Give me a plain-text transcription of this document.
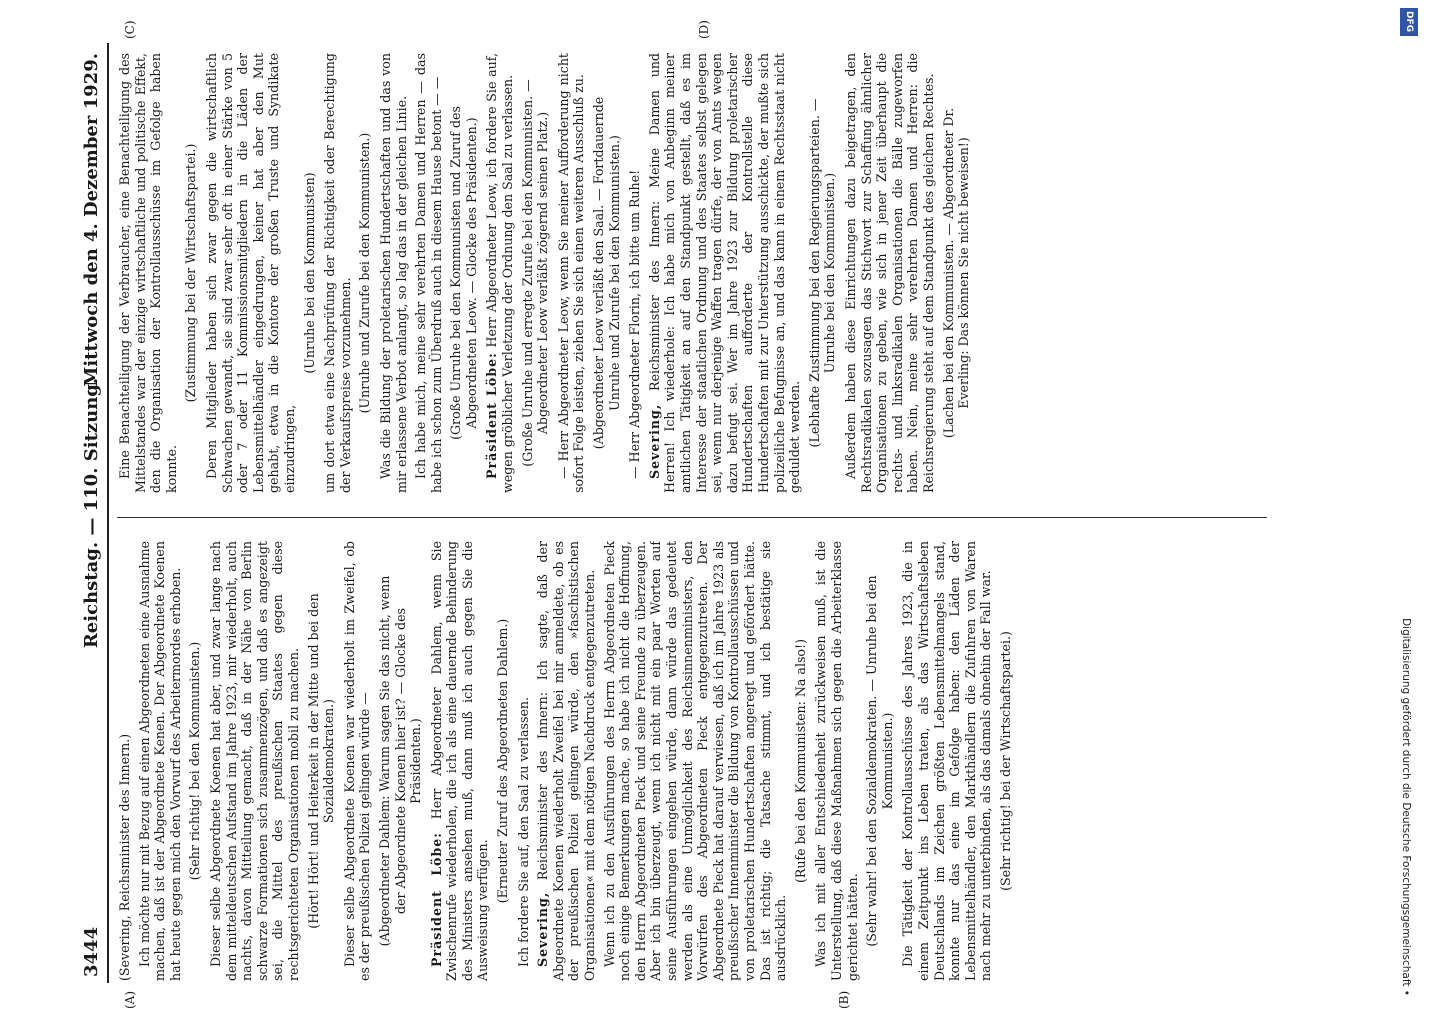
3444
Reichstag. — 110. Sitzung.
Mittwoch den 4. Dezember 1929.
(A)	(B)
(C)	(D)

(Severing, Reichsminister des Innern.) Ich möchte nur mit Bezug auf einen Abgeordneten eine Ausnahme machen, daß ist der Abgeordnete Kenen. Der Abgeordnete Koenen hat heute gegen mich den Vorwurf des Arbeitermordes erhoben. (Sehr richtig! bei den Kommunisten.) Dieser selbe Abgeordnete Koenen hat aber, und zwar lange nach dem mitteldeutschen Aufstand im Jahre 1923, mir wiederholt, auch nachts, davon Mitteilung gemacht, daß in der Nähe von Berlin schwarze Formationen sich zusammenzögen, und daß es angezeigt sei, die Mittel des preußischen Staates gegen diese rechtsgerichteten Organisationen mobil zu machen. (Hört! Hört! und Heiterkeit in der Mitte und bei den Sozialdemokraten.) Dieser selbe Abgeordnete Koenen war wiederholt im Zweifel, ob es der preußischen Polizei gelingen würde — (Abgeordneter Dahlem: Warum sagen Sie das nicht, wenn der Abgeordnete Koenen hier ist? — Glocke des Präsidenten.)

Präsident Löbe: Herr Abgeordneter Dahlem, wenn Sie Zwischenrufe wiederholen, die ich als eine dauernde Behinderung des Ministers ansehen muß, dann muß ich auch gegen Sie die Ausweisung verfügen.

(Erneuter Zuruf des Abgeordneten Dahlem.) Ich fordere Sie auf, den Saal zu verlassen. Severing, Reichsminister des Innern: Ich sagte, daß der Abgeordnete Koenen wiederholt Zweifel bei mir anmeldete, ob es der preußischen Polizei gelingen würde, den »faschistischen Organisationen« mit dem nötigen Nachdruck entgegenzutreten. Wenn ich zu den Ausführungen des Herrn Abgeordneten Pieck noch einige Bemerkungen mache, so habe ich nicht die Hoffnung, den Herrn Abgeordneten Pieck und seine Freunde zu überzeugen. Aber ich bin überzeugt, wenn ich nicht mit ein paar Worten auf seine Ausführungen eingehen würde, dann würde das gedeutet werden als eine Unmöglichkeit des Reichsinnenministers, den Vorwürfen des Abgeordneten Pieck entgegenzutreten. Der Abgeordnete Pieck hat darauf verwiesen, daß ich im Jahre 1923 als preußischer Innenminister die Bildung von Kontrollausschüssen und von proletarischen Hundertschaften angeregt und gefördert hätte. Das ist richtig; die Tatsache stimmt, und ich bestätige sie ausdrücklich.

(Rufe bei den Kommunisten: Na also!) Was ich mit aller Entschiedenheit zurückweisen muß, ist die Unterstellung, daß diese Maßnahmen sich gegen die Arbeiterklasse gerichtet hätten. (Sehr wahr! bei den Sozialdemokraten. — Unruhe bei den Kommunisten.) Die Tätigkeit der Kontrollausschüsse des Jahres 1923, die in einem Zeitpunkt ins Leben traten, als das Wirtschaftsleben Deutschlands im Zeichen größten Lebensmittelmangels stand, konnte nur das eine im Gefolge haben: den Läden der Lebensmittelhändler, den Markthändlern die Zufuhren von Waren nach mehr zu unterbinden, als das damals ohnehin der Fall war. (Sehr richtig! bei der Wirtschaftspartei.)

Eine Benachteiligung der Verbraucher, eine Benachteiligung des Mittelstandes war der einzige wirtschaftliche und politische Effekt, den die Organisation der Kontrollausschüsse im Gefolge haben konnte.

(Zustimmung bei der Wirtschaftspartei.) Deren Mitglieder haben sich zwar gegen die wirtschaftlich Schwachen gewandt, sie sind zwar sehr oft in einer Stärke von 5 oder 7 oder 11 Kommissionsmitgliedern in die Läden der Lebensmittelhändler eingedrungen, keiner hat aber den Mut gehabt, etwa in die Kontore der großen Truste und Syndikate einzudringen,

(Unruhe bei den Kommunisten) um dort etwa eine Nachprüfung der Richtigkeit oder Berechtigung der Verkaufspreise vorzunehmen. (Unruhe und Zurufe bei den Kommunisten.) Was die Bildung der proletarischen Hundertschaften und das von mir erlassene Verbot anlangt, so lag das in der gleichen Linie. Ich habe mich, meine sehr verehrten Damen und Herren — das habe ich schon zum Überdruß auch in diesem Hause betont — — (Große Unruhe bei den Kommunisten und Zuruf des Abgeordneten Leow. — Glocke des Präsidenten.) Präsident Löbe: Herr Abgeordneter Leow, ich fordere Sie auf, wegen gröblicher Verletzung der Ordnung den Saal zu verlassen. (Große Unruhe und erregte Zurufe bei den Kommunisten. — Abgeordneter Leow verläßt zögernd seinen Platz.) — Herr Abgeordneter Leow, wenn Sie meiner Aufforderung nicht sofort Folge leisten, ziehen Sie sich einen weiteren Ausschluß zu. (Abgeordneter Leow verläßt den Saal. — Fortdauernde Unruhe und Zurufe bei den Kommunisten.) — Herr Abgeordneter Florin, ich bitte um Ruhe! Severing, Reichsminister des Innern: Meine Damen und Herren! Ich wiederhole: Ich habe mich von Anbeginn meiner amtlichen Tätigkeit an auf den Standpunkt gestellt, daß es im Interesse der staatlichen Ordnung und des Staates selbst gelegen sei, wenn nur derjenige Waffen tragen dürfe, der von Amts wegen dazu befugt sei. Wer im Jahre 1923 zur Bildung proletarischer Hundertschaften aufforderte der Kontrollstelle diese Hundertschaften mit zur Unterstützung ausschickte, der mußte sich polizeiliche Befugnisse an, und das kann in einem Rechtsstaat nicht geduldet werden. (Lebhafte Zustimmung bei den Regierungsparteien. — Unruhe bei den Kommunisten.) Außerdem haben diese Einrichtungen dazu beigetragen, den Rechtsradikalen sozusagen das Stichwort zur Schaffung ähnlicher Organisationen zu geben, wie sich in jener Zeit überhaupt die rechts- und linksradikalen Organisationen die Bälle zugeworfen haben. Nein, meine sehr verehrten Damen und Herren: die Reichsregierung steht auf dem Standpunkt des gleichen Rechtes. (Lachen bei den Kommunisten. — Abgeordneter Dr. Everling: Das können Sie nicht beweisen!)

Digitalisierung gefördert durch die Deutsche Forschungsgemeinschaft •
DFG
